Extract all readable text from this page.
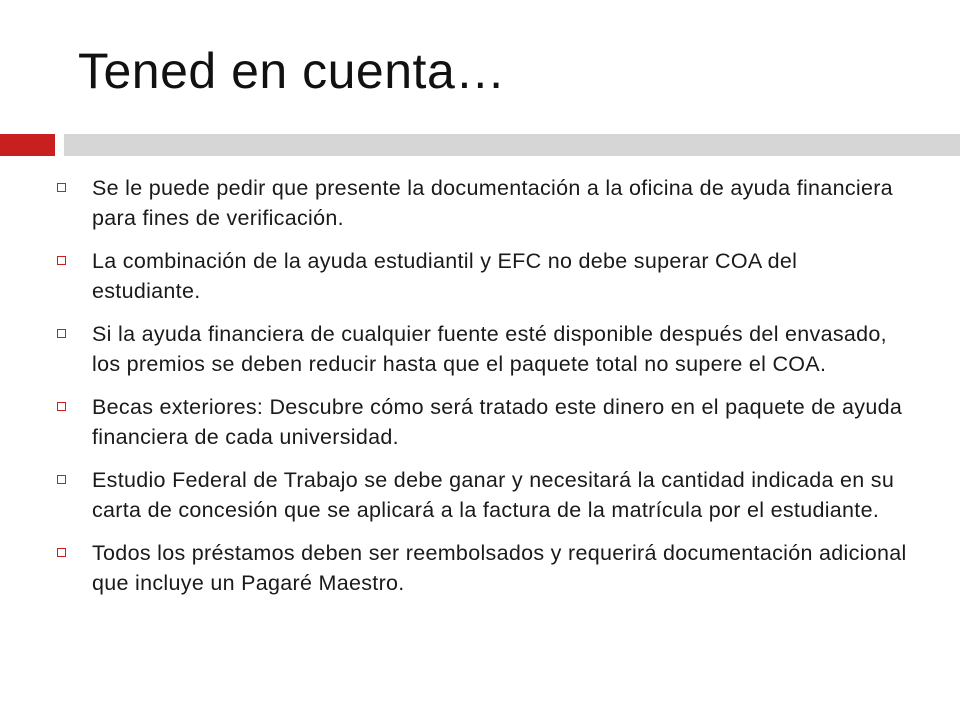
Tened en cuenta…
Se le puede pedir que presente la documentación a la oficina de ayuda financiera para fines de verificación.
La combinación de la ayuda estudiantil y EFC no debe superar COA del estudiante.
Si la ayuda financiera de cualquier fuente esté disponible después del envasado, los premios se deben reducir hasta que el paquete total no supere el COA.
Becas exteriores: Descubre cómo será tratado este dinero en el paquete de ayuda financiera de cada universidad.
Estudio Federal de Trabajo se debe ganar y necesitará la cantidad indicada en su carta de concesión que se aplicará a la factura de la matrícula por el estudiante.
Todos los préstamos deben ser reembolsados y requerirá documentación adicional que incluye un Pagaré Maestro.
